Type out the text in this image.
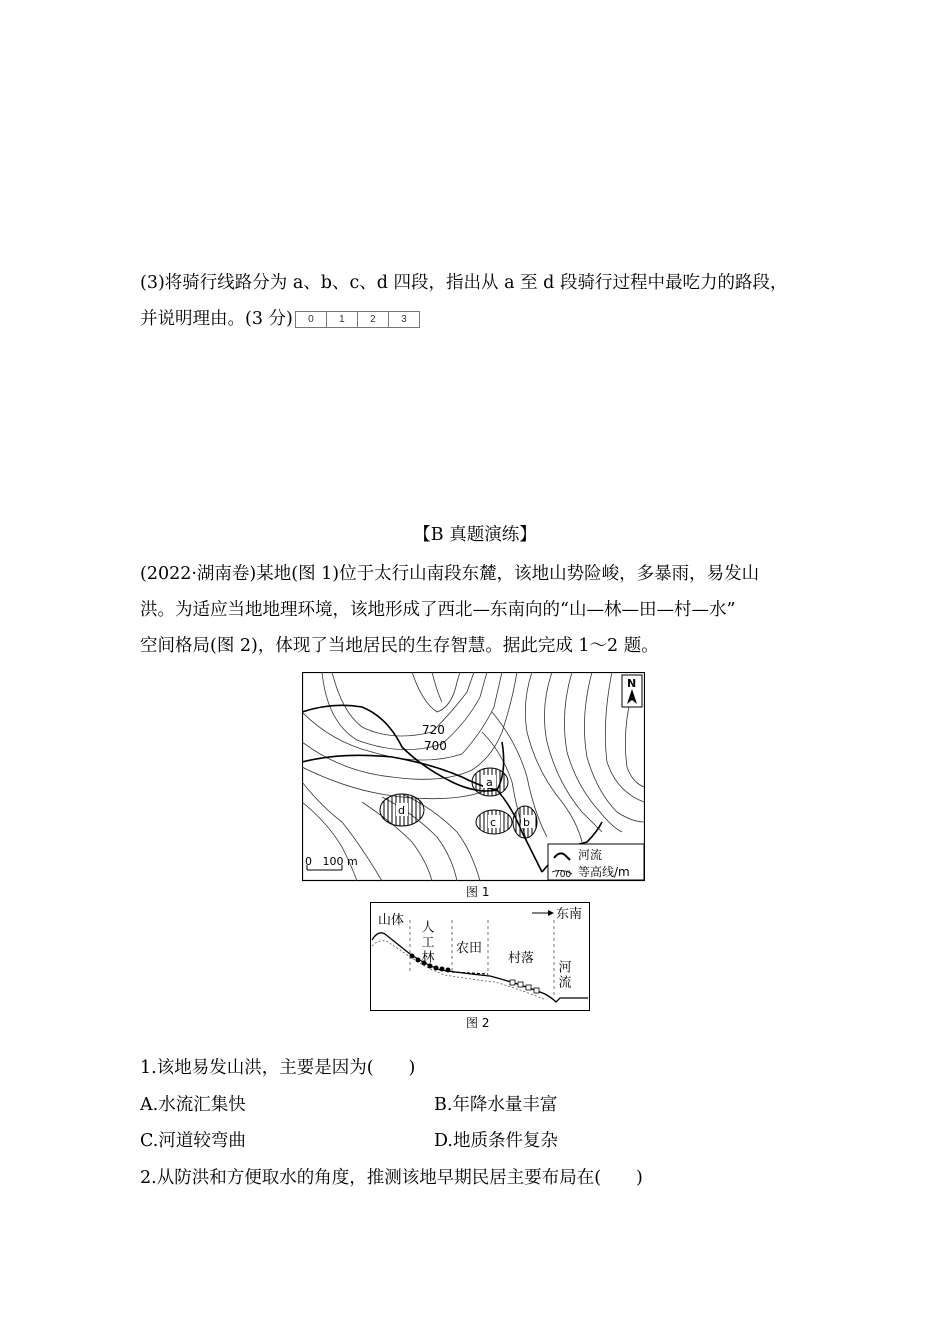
(3)将骑行线路分为 a、b、c、d 四段，指出从 a 至 d 段骑行过程中最吃力的路段，
并说明理由。(3 分)	0	1	2	3

【B 真题演练】

(2022·湖南卷)某地(图 1)位于太行山南段东麓，该地山势险峻，多暴雨，易发山
洪。为适应当地地理环境，该地形成了西北—东南向的“山—林—田—村—水”
空间格局(图 2)，体现了当地居民的生存智慧。据此完成 1～2 题。
720
700
a
b
c
d
N
0   100 m	河流
700 等高线/m
图 1
东南
山体 人工林 农田
村落
河流
图 2

1.该地易发山洪，主要是因为(　　)

A.水流汇集快	B.年降水量丰富

C.河道较弯曲	D.地质条件复杂

2.从防洪和方便取水的角度，推测该地早期民居主要布局在(　　)
